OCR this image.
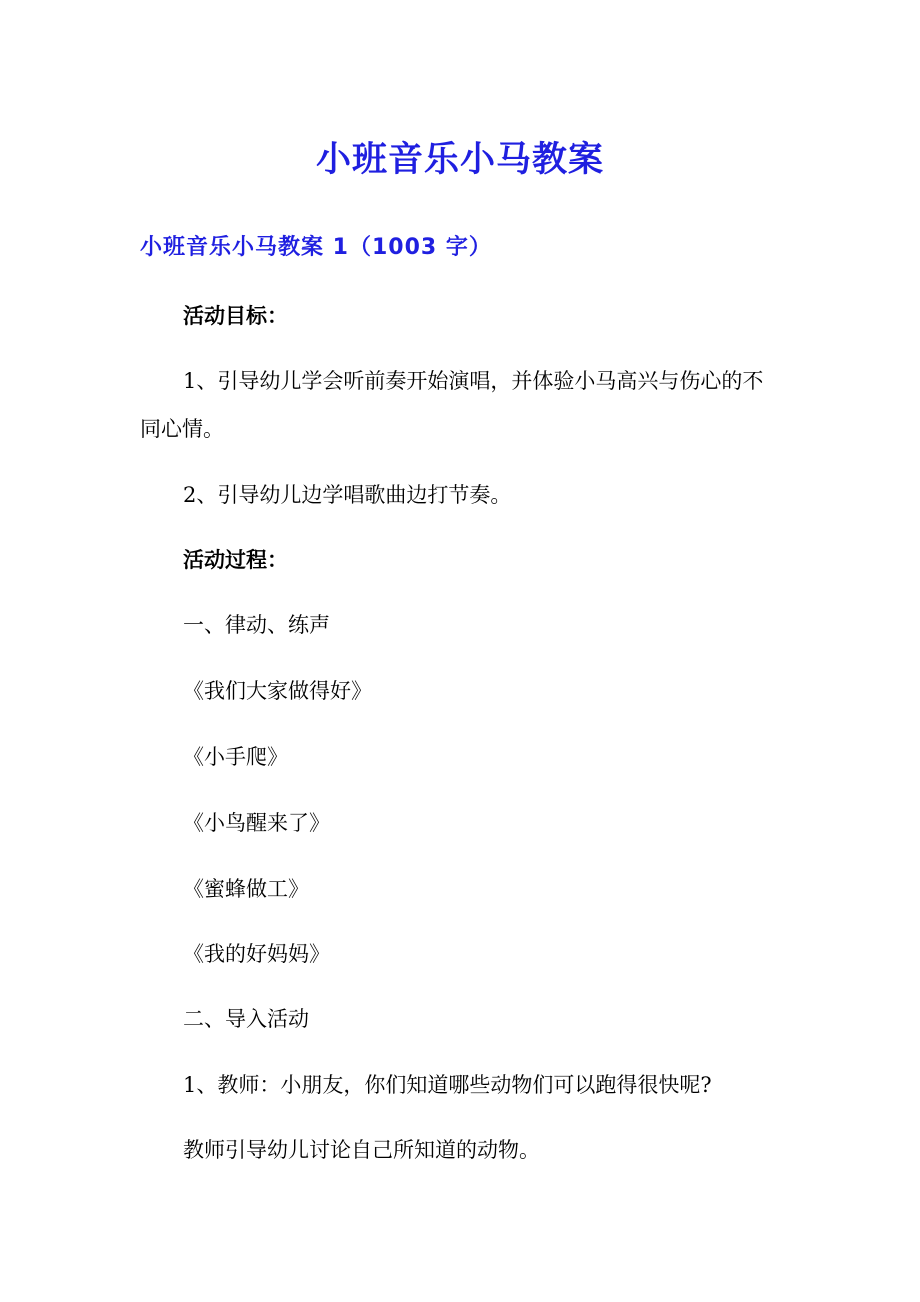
小班音乐小马教案
小班音乐小马教案 1（1003 字）
活动目标：
1、引导幼儿学会听前奏开始演唱，并体验小马高兴与伤心的不
同心情。
2、引导幼儿边学唱歌曲边打节奏。
活动过程：
一、律动、练声
《我们大家做得好》
《小手爬》
《小鸟醒来了》
《蜜蜂做工》
《我的好妈妈》
二、导入活动
1、教师：小朋友，你们知道哪些动物们可以跑得很快呢?
教师引导幼儿讨论自己所知道的动物。
